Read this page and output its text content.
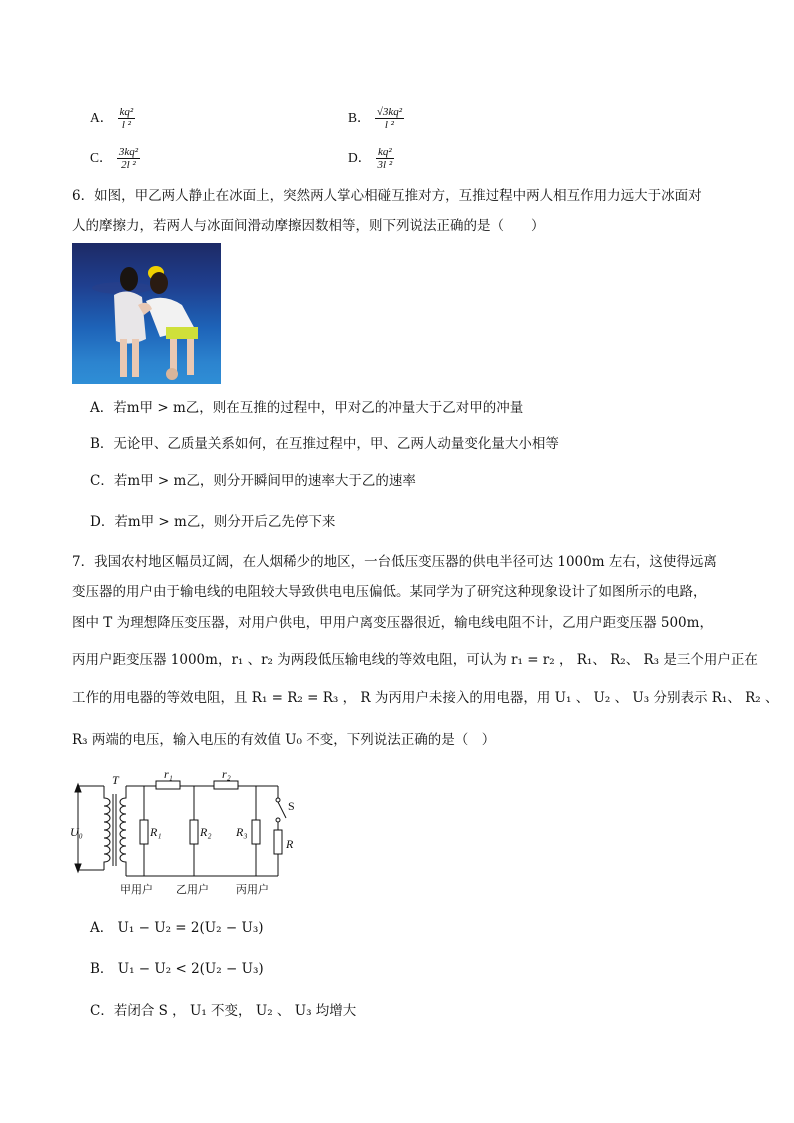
A． $\frac{\text{kq²}}{\text{l ²}}$	B． $\frac{\text{√3kq²}}{\text{l ²}}$
C． $\frac{\text{3kq²}}{\text{2l ²}}$	D． $\frac{\text{kq²}}{\text{3l ²}}$
6．如图，甲乙两人静止在冰面上，突然两人掌心相碰互推对方，互推过程中两人相互作用力远大于冰面对
人的摩擦力，若两人与冰面间滑动摩擦因数相等，则下列说法正确的是（　　）
A．若m甲 > m乙，则在互推的过程中，甲对乙的冲量大于乙对甲的冲量
B．无论甲、乙质量关系如何，在互推过程中，甲、乙两人动量变化量大小相等
C．若m甲 > m乙，则分开瞬间甲的速率大于乙的速率
D．若m甲 > m乙，则分开后乙先停下来
7．我国农村地区幅员辽阔，在人烟稀少的地区，一台低压变压器的供电半径可达 1000m 左右，这使得远离
变压器的用户由于输电线的电阻较大导致供电电压偏低。某同学为了研究这种现象设计了如图所示的电路，
图中 T 为理想降压变压器，对用户供电，甲用户离变压器很近，输电线电阻不计，乙用户距变压器 500m，
丙用户距变压器 1000m，r₁ 、r₂ 为两段低压输电线的等效电阻，可认为 r₁ = r₂ ， R₁、 R₂、 R₃ 是三个用户正在
工作的用电器的等效电阻，且 R₁ = R₂ = R₃ ， R 为丙用户未接入的用电器，用 U₁ 、 U₂ 、 U₃ 分别表示 R₁、 R₂ 、
R₃ 两端的电压，输入电压的有效值 U₀ 不变，下列说法正确的是（　）
U₀
T	r₁	r₂
R₁	R₂ R₃
S
R
甲用户 乙用户 丙用户
A． U₁ − U₂ = 2(U₂ − U₃)
B． U₁ − U₂ < 2(U₂ − U₃)
C．若闭合 S ， U₁ 不变， U₂ 、 U₃ 均增大
